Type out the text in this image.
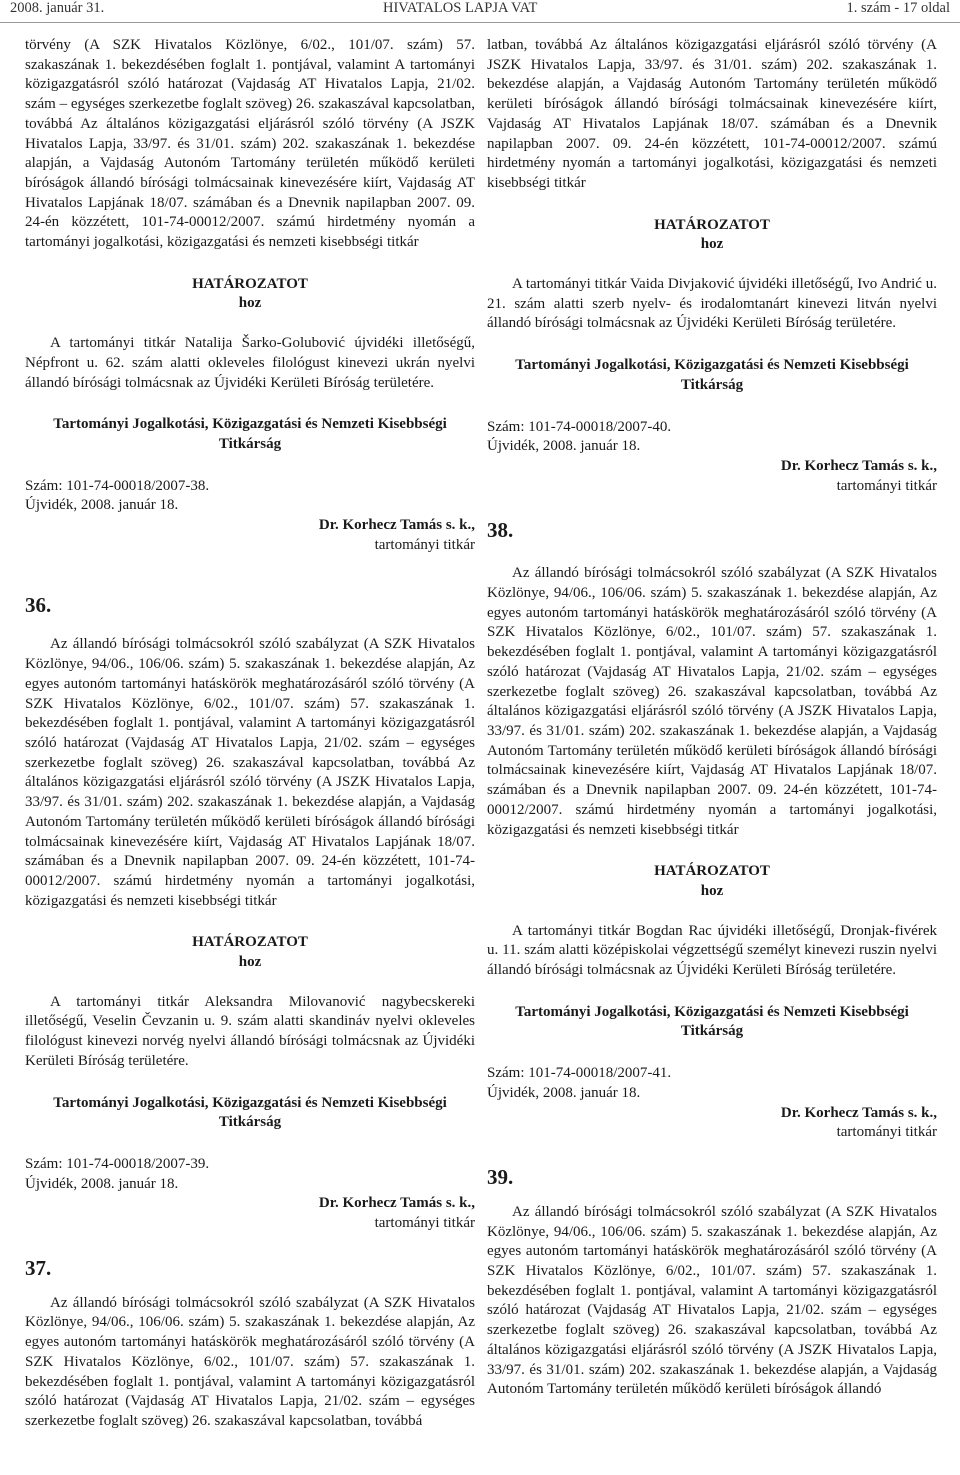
2008. január 31.	HIVATALOS LAPJA VAT	1. szám - 17 oldal

törvény (A SZK Hivatalos Közlönye, 6/02., 101/07. szám) 57. szakaszának 1. bekezdésében foglalt 1. pontjával, valamint A tartományi közigazgatásról szóló határozat (Vajdaság AT Hivatalos Lapja, 21/02. szám – egységes szerkezetbe foglalt szöveg) 26. szakaszával kapcsolatban, továbbá Az általános közigazgatási eljárásról szóló törvény (A JSZK Hivatalos Lapja, 33/97. és 31/01. szám) 202. szakaszának 1. bekezdése alapján, a Vajdaság Autonóm Tartomány területén működő kerületi bíróságok állandó bírósági tolmácsainak kinevezésére kiírt, Vajdaság AT Hivatalos Lapjának 18/07. számában és a Dnevnik napilapban 2007. 09. 24-én közzétett, 101-74-00012/2007. számú hirdetmény nyomán a tartományi jogalkotási, közigazgatási és nemzeti kisebbségi titkár

HATÁROZATOT

hoz

A tartományi titkár Natalija Šarko-Golubović újvidéki illetőségű, Népfront u. 62. szám alatti okleveles filológust kinevezi ukrán nyelvi állandó bírósági tolmácsnak az Újvidéki Kerületi Bíróság területére.

Tartományi Jogalkotási, Közigazgatási és Nemzeti Kisebbségi

Titkárság

Szám: 101-74-00018/2007-38.

Újvidék, 2008. január 18.

Dr. Korhecz Tamás s. k.,

tartományi titkár

36.

Az állandó bírósági tolmácsokról szóló szabályzat (A SZK Hivatalos Közlönye, 94/06., 106/06. szám) 5. szakaszának 1. bekezdése alapján, Az egyes autonóm tartományi hatáskörök meghatározásáról szóló törvény (A SZK Hivatalos Közlönye, 6/02., 101/07. szám) 57. szakaszának 1. bekezdésében foglalt 1. pontjával, valamint A tartományi közigazgatásról szóló határozat (Vajdaság AT Hivatalos Lapja, 21/02. szám – egységes szerkezetbe foglalt szöveg) 26. szakaszával kapcsolatban, továbbá Az általános közigazgatási eljárásról szóló törvény (A JSZK Hivatalos Lapja, 33/97. és 31/01. szám) 202. szakaszának 1. bekezdése alapján, a Vajdaság Autonóm Tartomány területén működő kerületi bíróságok állandó bírósági tolmácsainak kinevezésére kiírt, Vajdaság AT Hivatalos Lapjának 18/07. számában és a Dnevnik napilapban 2007. 09. 24-én közzétett, 101-74-00012/2007. számú hirdetmény nyomán a tartományi jogalkotási, közigazgatási és nemzeti kisebbségi titkár

HATÁROZATOT

hoz

A tartományi titkár Aleksandra Milovanović nagybecskereki illetőségű, Veselin Čevzanin u. 9. szám alatti skandináv nyelvi okleveles filológust kinevezi norvég nyelvi állandó bírósági tolmácsnak az Újvidéki Kerületi Bíróság területére.

Tartományi Jogalkotási, Közigazgatási és Nemzeti Kisebbségi

Titkárság

Szám: 101-74-00018/2007-39.

Újvidék, 2008. január 18.

Dr. Korhecz Tamás s. k.,

tartományi titkár

37.

Az állandó bírósági tolmácsokról szóló szabályzat (A SZK Hivatalos Közlönye, 94/06., 106/06. szám) 5. szakaszának 1. bekezdése alapján, Az egyes autonóm tartományi hatáskörök meghatározásáról szóló törvény (A SZK Hivatalos Közlönye, 6/02., 101/07. szám) 57. szakaszának 1. bekezdésében foglalt 1. pontjával, valamint A tartományi közigazgatásról szóló határozat (Vajdaság AT Hivatalos Lapja, 21/02. szám – egységes szerkezetbe foglalt szöveg) 26. szakaszával kapcsolatban, továbbá

latban, továbbá Az általános közigazgatási eljárásról szóló törvény (A JSZK Hivatalos Lapja, 33/97. és 31/01. szám) 202. szakaszának 1. bekezdése alapján, a Vajdaság Autonóm Tartomány területén működő kerületi bíróságok állandó bírósági tolmácsainak kinevezésére kiírt, Vajdaság AT Hivatalos Lapjának 18/07. számában és a Dnevnik napilapban 2007. 09. 24-én közzétett, 101-74-00012/2007. számú hirdetmény nyomán a tartományi jogalkotási, közigazgatási és nemzeti kisebbségi titkár

HATÁROZATOT

hoz

A tartományi titkár Vaida Divjaković újvidéki illetőségű, Ivo Andrić u. 21. szám alatti szerb nyelv- és irodalomtanárt kinevezi litván nyelvi állandó bírósági tolmácsnak az Újvidéki Kerületi Bíróság területére.

Tartományi Jogalkotási, Közigazgatási és Nemzeti Kisebbségi

Titkárság

Szám: 101-74-00018/2007-40.

Újvidék, 2008. január 18.

Dr. Korhecz Tamás s. k.,

tartományi titkár

38.

Az állandó bírósági tolmácsokról szóló szabályzat (A SZK Hivatalos Közlönye, 94/06., 106/06. szám) 5. szakaszának 1. bekezdése alapján, Az egyes autonóm tartományi hatáskörök meghatározásáról szóló törvény (A SZK Hivatalos Közlönye, 6/02., 101/07. szám) 57. szakaszának 1. bekezdésében foglalt 1. pontjával, valamint A tartományi közigazgatásról szóló határozat (Vajdaság AT Hivatalos Lapja, 21/02. szám – egységes szerkezetbe foglalt szöveg) 26. szakaszával kapcsolatban, továbbá Az általános közigazgatási eljárásról szóló törvény (A JSZK Hivatalos Lapja, 33/97. és 31/01. szám) 202. szakaszának 1. bekezdése alapján, a Vajdaság Autonóm Tartomány területén működő kerületi bíróságok állandó bírósági tolmácsainak kinevezésére kiírt, Vajdaság AT Hivatalos Lapjának 18/07. számában és a Dnevnik napilapban 2007. 09. 24-én közzétett, 101-74-00012/2007. számú hirdetmény nyomán a tartományi jogalkotási, közigazgatási és nemzeti kisebbségi titkár

HATÁROZATOT

hoz

A tartományi titkár Bogdan Rac újvidéki illetőségű, Dronjak-fivérek u. 11. szám alatti középiskolai végzettségű személyt kinevezi ruszin nyelvi állandó bírósági tolmácsnak az Újvidéki Kerületi Bíróság területére.

Tartományi Jogalkotási, Közigazgatási és Nemzeti Kisebbségi

Titkárság

Szám: 101-74-00018/2007-41.

Újvidék, 2008. január 18.

Dr. Korhecz Tamás s. k.,

tartományi titkár

39.

Az állandó bírósági tolmácsokról szóló szabályzat (A SZK Hivatalos Közlönye, 94/06., 106/06. szám) 5. szakaszának 1. bekezdése alapján, Az egyes autonóm tartományi hatáskörök meghatározásáról szóló törvény (A SZK Hivatalos Közlönye, 6/02., 101/07. szám) 57. szakaszának 1. bekezdésében foglalt 1. pontjával, valamint A tartományi közigazgatásról szóló határozat (Vajdaság AT Hivatalos Lapja, 21/02. szám – egységes szerkezetbe foglalt szöveg) 26. szakaszával kapcsolatban, továbbá Az általános közigazgatási eljárásról szóló törvény (A JSZK Hivatalos Lapja, 33/97. és 31/01. szám) 202. szakaszának 1. bekezdése alapján, a Vajdaság Autonóm Tartomány területén működő kerületi bíróságok állandó
